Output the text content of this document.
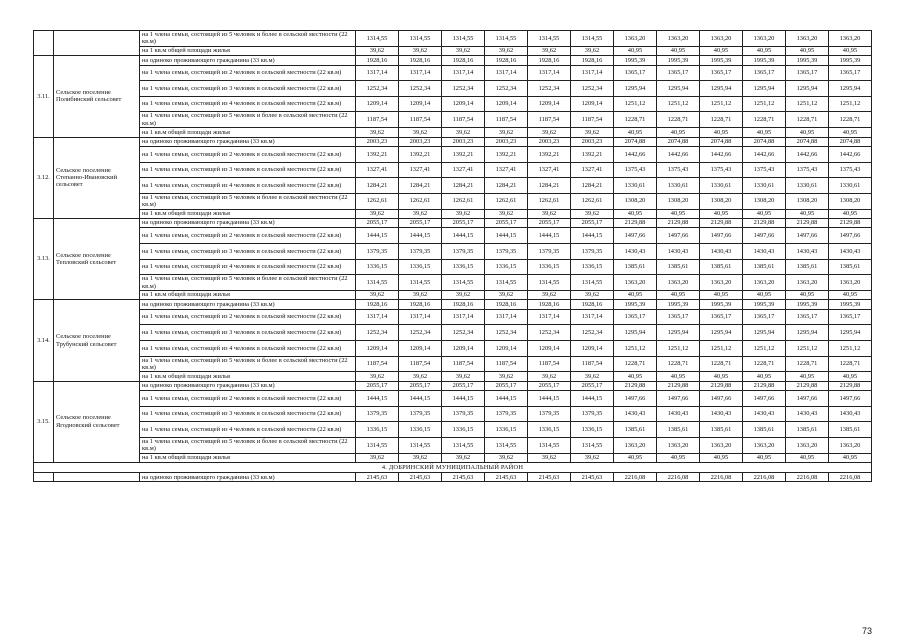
		на 1 члена семьи, состоящей из 5 человек и более в сельской местности (22 кв.м)	1314,55	1314,55	1314,55	1314,55	1314,55	1314,55	1363,20	1363,20	1363,20	1363,20	1363,20	1363,20
		на 1 кв.м общей площади жилья	39,62	39,62	39,62	39,62	39,62	39,62	40,95	40,95	40,95	40,95	40,95	40,95
3.11.	Сельское поселение Полибинский сельсовет	на одиноко проживающего гражданина (33 кв.м)	1928,16	1928,16	1928,16	1928,16	1928,16	1928,16	1995,39	1995,39	1995,39	1995,39	1995,39	1995,39
		на 1 члена семьи, состоящей из 2 человек в сельской местности (22 кв.м)	1317,14	1317,14	1317,14	1317,14	1317,14	1317,14	1365,17	1365,17	1365,17	1365,17	1365,17	1365,17
		на 1 члена семьи, состоящей из 3 человек в сельской местности (22 кв.м)	1252,34	1252,34	1252,34	1252,34	1252,34	1252,34	1295,94	1295,94	1295,94	1295,94	1295,94	1295,94
		на 1 члена семьи, состоящей из 4 человек в сельской местности (22 кв.м)	1209,14	1209,14	1209,14	1209,14	1209,14	1209,14	1251,12	1251,12	1251,12	1251,12	1251,12	1251,12
		на 1 члена семьи, состоящей из 5 человек и более в сельской местности (22 кв.м)	1187,54	1187,54	1187,54	1187,54	1187,54	1187,54	1228,71	1228,71	1228,71	1228,71	1228,71	1228,71
		на 1 кв.м общей площади жилья	39,62	39,62	39,62	39,62	39,62	39,62	40,95	40,95	40,95	40,95	40,95	40,95
3.12.	Сельское поселение Степанно-Ивановский сельсовет	на одиноко проживающего гражданина (33 кв.м)	2003,23	2003,23	2003,23	2003,23	2003,23	2003,23	2074,88	2074,88	2074,88	2074,88	2074,88	2074,88
		на 1 члена семьи, состоящей из 2 человек в сельской местности (22 кв.м)	1392,21	1392,21	1392,21	1392,21	1392,21	1392,21	1442,66	1442,66	1442,66	1442,66	1442,66	1442,66
		на 1 члена семьи, состоящей из 3 человек в сельской местности (22 кв.м)	1327,41	1327,41	1327,41	1327,41	1327,41	1327,41	1375,43	1375,43	1375,43	1375,43	1375,43	1375,43
		на 1 члена семьи, состоящей из 4 человек в сельской местности (22 кв.м)	1284,21	1284,21	1284,21	1284,21	1284,21	1284,21	1330,61	1330,61	1330,61	1330,61	1330,61	1330,61
		на 1 члена семьи, состоящей из 5 человек и более в сельской местности (22 кв.м)	1262,61	1262,61	1262,61	1262,61	1262,61	1262,61	1308,20	1308,20	1308,20	1308,20	1308,20	1308,20
		на 1 кв.м общей площади жилья	39,62	39,62	39,62	39,62	39,62	39,62	40,95	40,95	40,95	40,95	40,95	40,95
3.13.	Сельское поселение Тепловский сельсовет	на одиноко проживающего гражданина (33 кв.м)	2055,17	2055,17	2055,17	2055,17	2055,17	2055,17	2129,88	2129,88	2129,88	2129,88	2129,88	2129,88
		на 1 члена семьи, состоящей из 2 человек в сельской местности (22 кв.м)	1444,15	1444,15	1444,15	1444,15	1444,15	1444,15	1497,66	1497,66	1497,66	1497,66	1497,66	1497,66
		на 1 члена семьи, состоящей из 3 человек в сельской местности (22 кв.м)	1379,35	1379,35	1379,35	1379,35	1379,35	1379,35	1430,43	1430,43	1430,43	1430,43	1430,43	1430,43
		на 1 члена семьи, состоящей из 4 человек в сельской местности (22 кв.м)	1336,15	1336,15	1336,15	1336,15	1336,15	1336,15	1385,61	1385,61	1385,61	1385,61	1385,61	1385,61
		на 1 члена семьи, состоящей из 5 человек и более в сельской местности (22 кв.м)	1314,55	1314,55	1314,55	1314,55	1314,55	1314,55	1363,20	1363,20	1363,20	1363,20	1363,20	1363,20
		на 1 кв.м общей площади жилья	39,62	39,62	39,62	39,62	39,62	39,62	40,95	40,95	40,95	40,95	40,95	40,95
3.14.	Сельское поселение Трубунский сельсовет	на одиноко проживающего гражданина (33 кв.м)	1928,16	1928,16	1928,16	1928,16	1928,16	1928,16	1995,39	1995,39	1995,39	1995,39	1995,39	1995,39
		на 1 члена семьи, состоящей из 2 человек в сельской местности (22 кв.м)	1317,14	1317,14	1317,14	1317,14	1317,14	1317,14	1365,17	1365,17	1365,17	1365,17	1365,17	1365,17
		на 1 члена семьи, состоящей из 3 человек в сельской местности (22 кв.м)	1252,34	1252,34	1252,34	1252,34	1252,34	1252,34	1295,94	1295,94	1295,94	1295,94	1295,94	1295,94
		на 1 члена семьи, состоящей из 4 человек в сельской местности (22 кв.м)	1209,14	1209,14	1209,14	1209,14	1209,14	1209,14	1251,12	1251,12	1251,12	1251,12	1251,12	1251,12
		на 1 члена семьи, состоящей из 5 человек и более в сельской местности (22 кв.м)	1187,54	1187,54	1187,54	1187,54	1187,54	1187,54	1228,71	1228,71	1228,71	1228,71	1228,71	1228,71
		на 1 кв.м общей площади жилья	39,62	39,62	39,62	39,62	39,62	39,62	40,95	40,95	40,95	40,95	40,95	40,95
3.15.	Сельское поселение Ягодновский сельсовет	на одиноко проживающего гражданина (33 кв.м)	2055,17	2055,17	2055,17	2055,17	2055,17	2055,17	2129,88	2129,88	2129,88	2129,88	2129,88	2129,88
		на 1 члена семьи, состоящей из 2 человек в сельской местности (22 кв.м)	1444,15	1444,15	1444,15	1444,15	1444,15	1444,15	1497,66	1497,66	1497,66	1497,66	1497,66	1497,66
		на 1 члена семьи, состоящей из 3 человек в сельской местности (22 кв.м)	1379,35	1379,35	1379,35	1379,35	1379,35	1379,35	1430,43	1430,43	1430,43	1430,43	1430,43	1430,43
		на 1 члена семьи, состоящей из 4 человек в сельской местности (22 кв.м)	1336,15	1336,15	1336,15	1336,15	1336,15	1336,15	1385,61	1385,61	1385,61	1385,61	1385,61	1385,61
		на 1 члена семьи, состоящей из 5 человек и более в сельской местности (22 кв.м)	1314,55	1314,55	1314,55	1314,55	1314,55	1314,55	1363,20	1363,20	1363,20	1363,20	1363,20	1363,20
		на 1 кв.м общей площади жилья	39,62	39,62	39,62	39,62	39,62	39,62	40,95	40,95	40,95	40,95	40,95	40,95
4. ДОБРИНСКИЙ МУНИЦИПАЛЬНЫЙ РАЙОН														
		на одиноко проживающего гражданина (33 кв.м)	2145,63	2145,63	2145,63	2145,63	2145,63	2145,63	2216,08	2216,08	2216,08	2216,08	2216,08	2216,08
73
